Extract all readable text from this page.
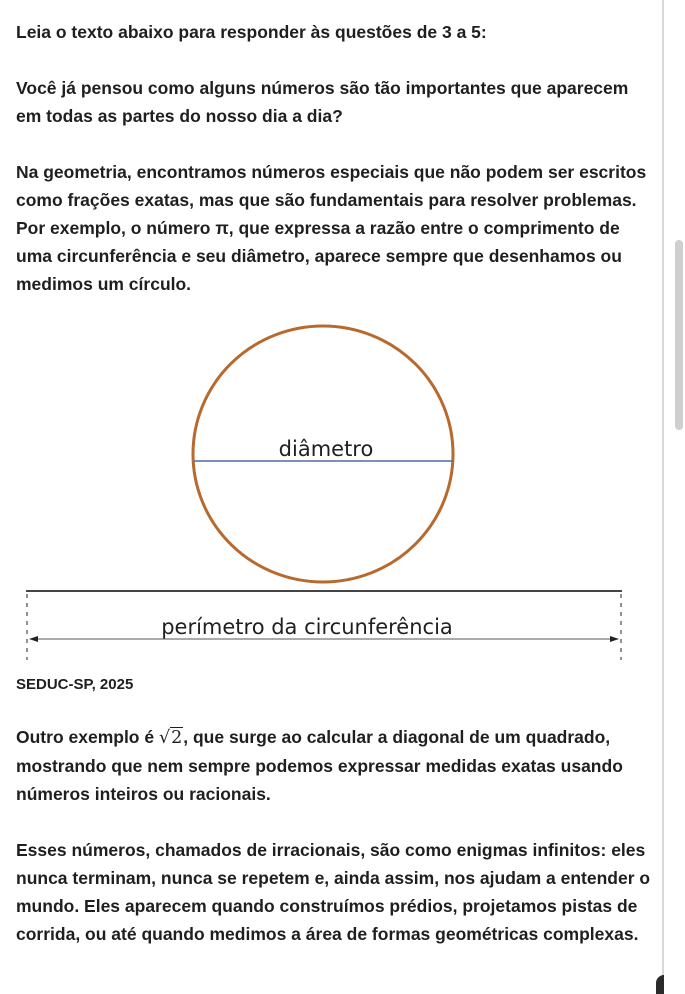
Leia o texto abaixo para responder às questões de 3 a 5:

Você já pensou como alguns números são tão importantes que aparecem em todas as partes do nosso dia a dia?

Na geometria, encontramos números especiais que não podem ser escritos como frações exatas, mas que são fundamentais para resolver problemas. Por exemplo, o número π, que expressa a razão entre o comprimento de uma circunferência e seu diâmetro, aparece sempre que desenhamos ou medimos um círculo.

diâmetro
perímetro da circunferência

SEDUC-SP, 2025

Outro exemplo é √2, que surge ao calcular a diagonal de um quadrado, mostrando que nem sempre podemos expressar medidas exatas usando números inteiros ou racionais.

Esses números, chamados de irracionais, são como enigmas infinitos: eles nunca terminam, nunca se repetem e, ainda assim, nos ajudam a entender o mundo. Eles aparecem quando construímos prédios, projetamos pistas de corrida, ou até quando medimos a área de formas geométricas complexas.
